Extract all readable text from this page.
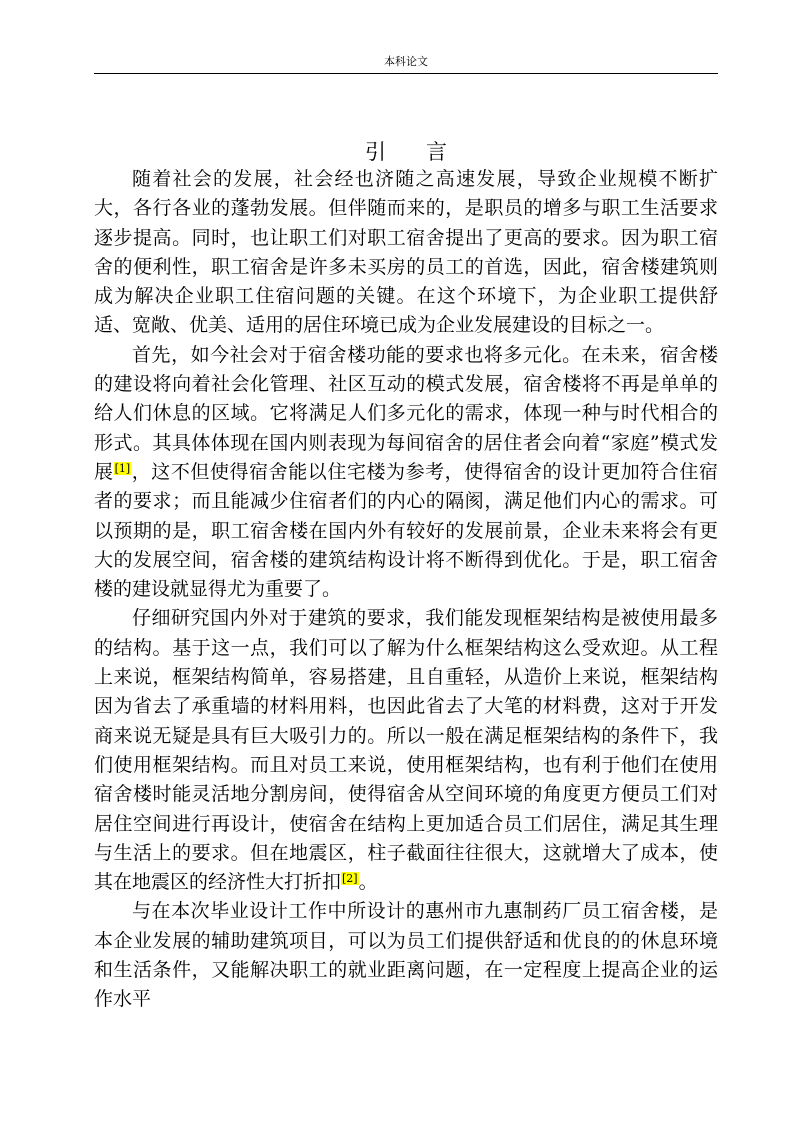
本科论文
引言

随着社会的发展，社会经也济随之高速发展，导致企业规模不断扩大，各行各业的蓬勃发展。但伴随而来的，是职员的增多与职工生活要求逐步提高。同时，也让职工们对职工宿舍提出了更高的要求。因为职工宿舍的便利性，职工宿舍是许多未买房的员工的首选，因此，宿舍楼建筑则成为解决企业职工住宿问题的关键。在这个环境下，为企业职工提供舒适、宽敞、优美、适用的居住环境已成为企业发展建设的目标之一。

首先，如今社会对于宿舍楼功能的要求也将多元化。在未来，宿舍楼的建设将向着社会化管理、社区互动的模式发展，宿舍楼将不再是单单的给人们休息的区域。它将满足人们多元化的需求，体现一种与时代相合的形式。其具体体现在国内则表现为每间宿舍的居住者会向着“家庭”模式发展[1]，这不但使得宿舍能以住宅楼为参考，使得宿舍的设计更加符合住宿者的要求；而且能减少住宿者们的内心的隔阂，满足他们内心的需求。可以预期的是，职工宿舍楼在国内外有较好的发展前景，企业未来将会有更大的发展空间，宿舍楼的建筑结构设计将不断得到优化。于是，职工宿舍楼的建设就显得尤为重要了。

仔细研究国内外对于建筑的要求，我们能发现框架结构是被使用最多的结构。基于这一点，我们可以了解为什么框架结构这么受欢迎。从工程上来说，框架结构简单，容易搭建，且自重轻，从造价上来说，框架结构因为省去了承重墙的材料用料，也因此省去了大笔的材料费，这对于开发商来说无疑是具有巨大吸引力的。所以一般在满足框架结构的条件下，我们使用框架结构。而且对员工来说，使用框架结构，也有利于他们在使用宿舍楼时能灵活地分割房间，使得宿舍从空间环境的角度更方便员工们对居住空间进行再设计，使宿舍在结构上更加适合员工们居住，满足其生理与生活上的要求。但在地震区，柱子截面往往很大，这就增大了成本，使其在地震区的经济性大打折扣[2]。

与在本次毕业设计工作中所设计的惠州市九惠制药厂员工宿舍楼，是本企业发展的辅助建筑项目，可以为员工们提供舒适和优良的的休息环境和生活条件，又能解决职工的就业距离问题，在一定程度上提高企业的运作水平
